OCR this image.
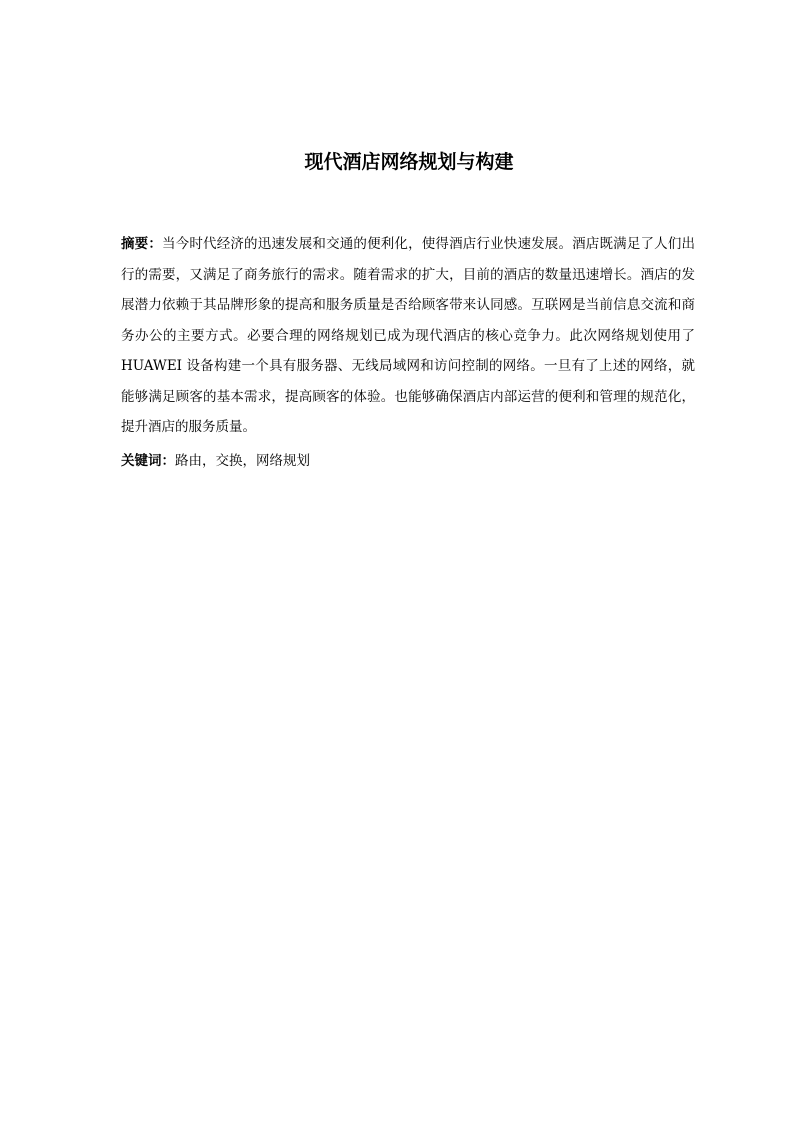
现代酒店网络规划与构建

摘要：当今时代经济的迅速发展和交通的便利化，使得酒店行业快速发展。酒店既满足了人们出行的需要，又满足了商务旅行的需求。随着需求的扩大，目前的酒店的数量迅速增长。酒店的发展潜力依赖于其品牌形象的提高和服务质量是否给顾客带来认同感。互联网是当前信息交流和商务办公的主要方式。必要合理的网络规划已成为现代酒店的核心竞争力。此次网络规划使用了 HUAWEI 设备构建一个具有服务器、无线局域网和访问控制的网络。一旦有了上述的网络，就能够满足顾客的基本需求，提高顾客的体验。也能够确保酒店内部运营的便利和管理的规范化，提升酒店的服务质量。

关键词：路由，交换，网络规划
